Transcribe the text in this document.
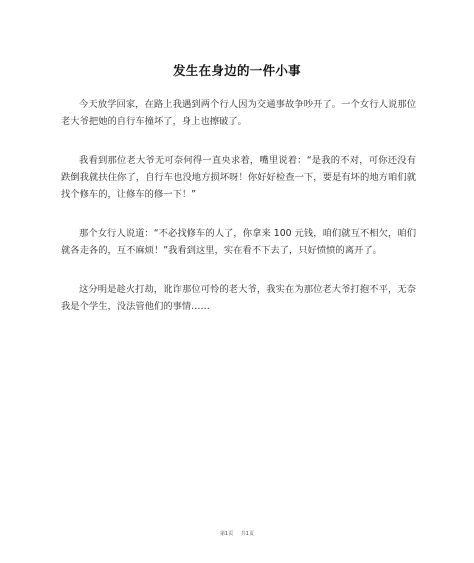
发生在身边的一件小事

今天放学回家，在路上我遇到两个行人因为交通事故争吵开了。一个女行人说那位老大爷把她的自行车撞坏了，身上也擦破了。

我看到那位老大爷无可奈何得一直央求着，嘴里说着：“是我的不对，可你还没有跌倒我就扶住你了，自行车也没地方损坏呀！你好好检查一下，要是有坏的地方咱们就找个修车的，让修车的修一下！”

那个女行人说道：“不必找修车的人了，你拿来 100 元钱，咱们就互不相欠，咱们就各走各的，互不麻烦！”我看到这里，实在看不下去了，只好愤愤的离开了。

这分明是趁火打劫，讹诈那位可怜的老大爷，我实在为那位老大爷打抱不平，无奈我是个学生，没法管他们的事情……

第1页 共1页
